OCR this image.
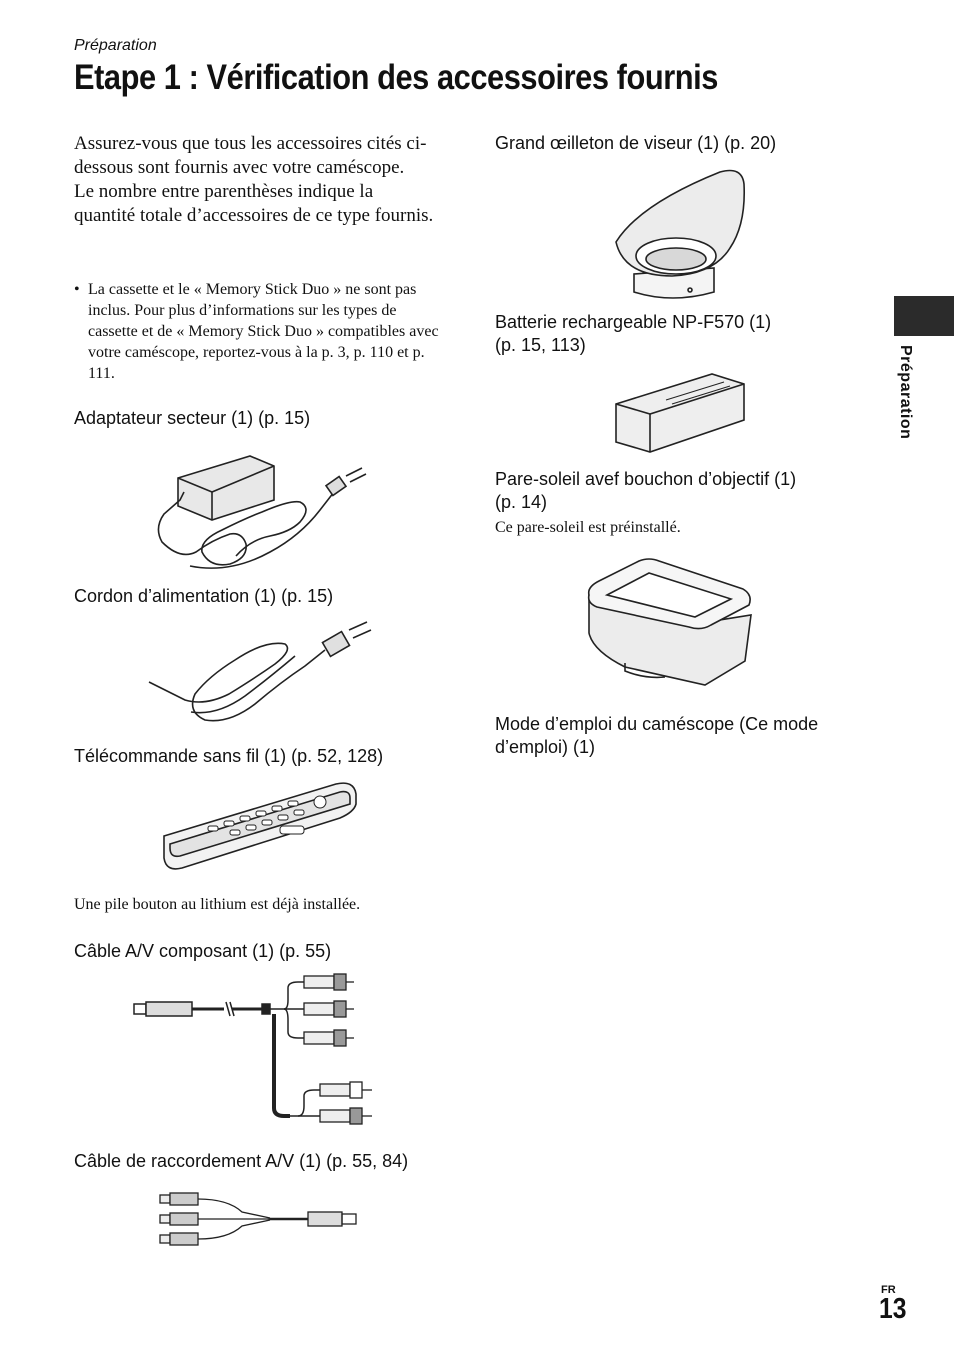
Préparation
Etape 1 : Vérification des accessoires fournis

Assurez-vous que tous les accessoires cités ci-dessous sont fournis avec votre caméscope.

Le nombre entre parenthèses indique la quantité totale d’accessoires de ce type fournis.

• La cassette et le « Memory Stick Duo » ne sont pas inclus. Pour plus d’informations sur les types de cassette et de « Memory Stick Duo » compatibles avec votre caméscope, reportez-vous à la p. 3, p. 110 et p. 111.
Adaptateur secteur (1) (p. 15)
Cordon d’alimentation (1) (p. 15)
Télécommande sans fil (1) (p. 52, 128)
Une pile bouton au lithium est déjà installée.
Câble A/V composant (1) (p. 55)
Câble de raccordement A/V (1) (p. 55, 84)
Grand œilleton de viseur (1) (p. 20)
Batterie rechargeable NP-F570 (1)
(p. 15, 113)
Pare-soleil avef bouchon d’objectif (1)
(p. 14)
Ce pare-soleil est préinstallé.
Mode d’emploi du caméscope (Ce mode
d’emploi) (1)
Préparation
FR
13
